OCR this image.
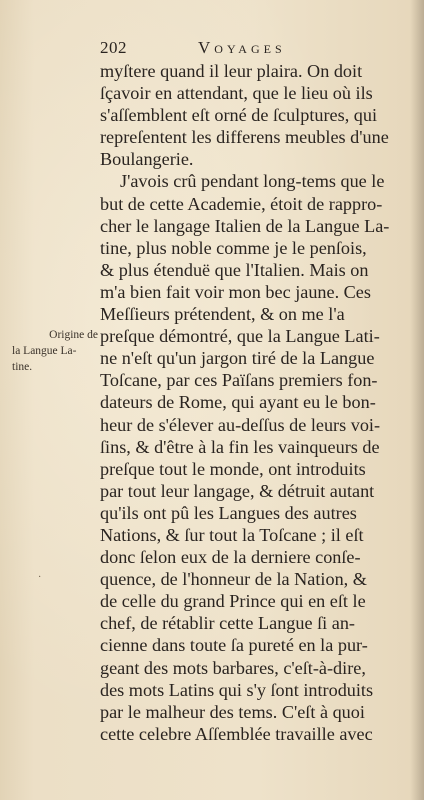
202	Voyages
Origine de
la Langue La-
tine.
·
myſtere quand il leur plaira. On doit
ſçavoir en attendant, que le lieu où ils
s'aſſemblent eſt orné de ſculptures, qui
repreſentent les differens meubles d'une
Boulangerie.
J'avois crû pendant long-tems que le
but de cette Academie, étoit de rappro-
cher le langage Italien de la Langue La-
tine, plus noble comme je le penſois,
& plus étenduë que l'Italien. Mais on
m'a bien fait voir mon bec jaune. Ces
Meſſieurs prétendent, & on me l'a
preſque démontré, que la Langue Lati-
ne n'eſt qu'un jargon tiré de la Langue
Toſcane, par ces Païſans premiers fon-
dateurs de Rome, qui ayant eu le bon-
heur de s'élever au-deſſus de leurs voi-
ſins, & d'être à la fin les vainqueurs de
preſque tout le monde, ont introduits
par tout leur langage, & détruit autant
qu'ils ont pû les Langues des autres
Nations, & ſur tout la Toſcane ; il eſt
donc ſelon eux de la derniere conſe-
quence, de l'honneur de la Nation, &
de celle du grand Prince qui en eſt le
chef, de rétablir cette Langue ſi an-
cienne dans toute ſa pureté en la pur-
geant des mots barbares, c'eſt-à-dire,
des mots Latins qui s'y ſont introduits
par le malheur des tems. C'eſt à quoi
cette celebre Aſſemblée travaille avec
